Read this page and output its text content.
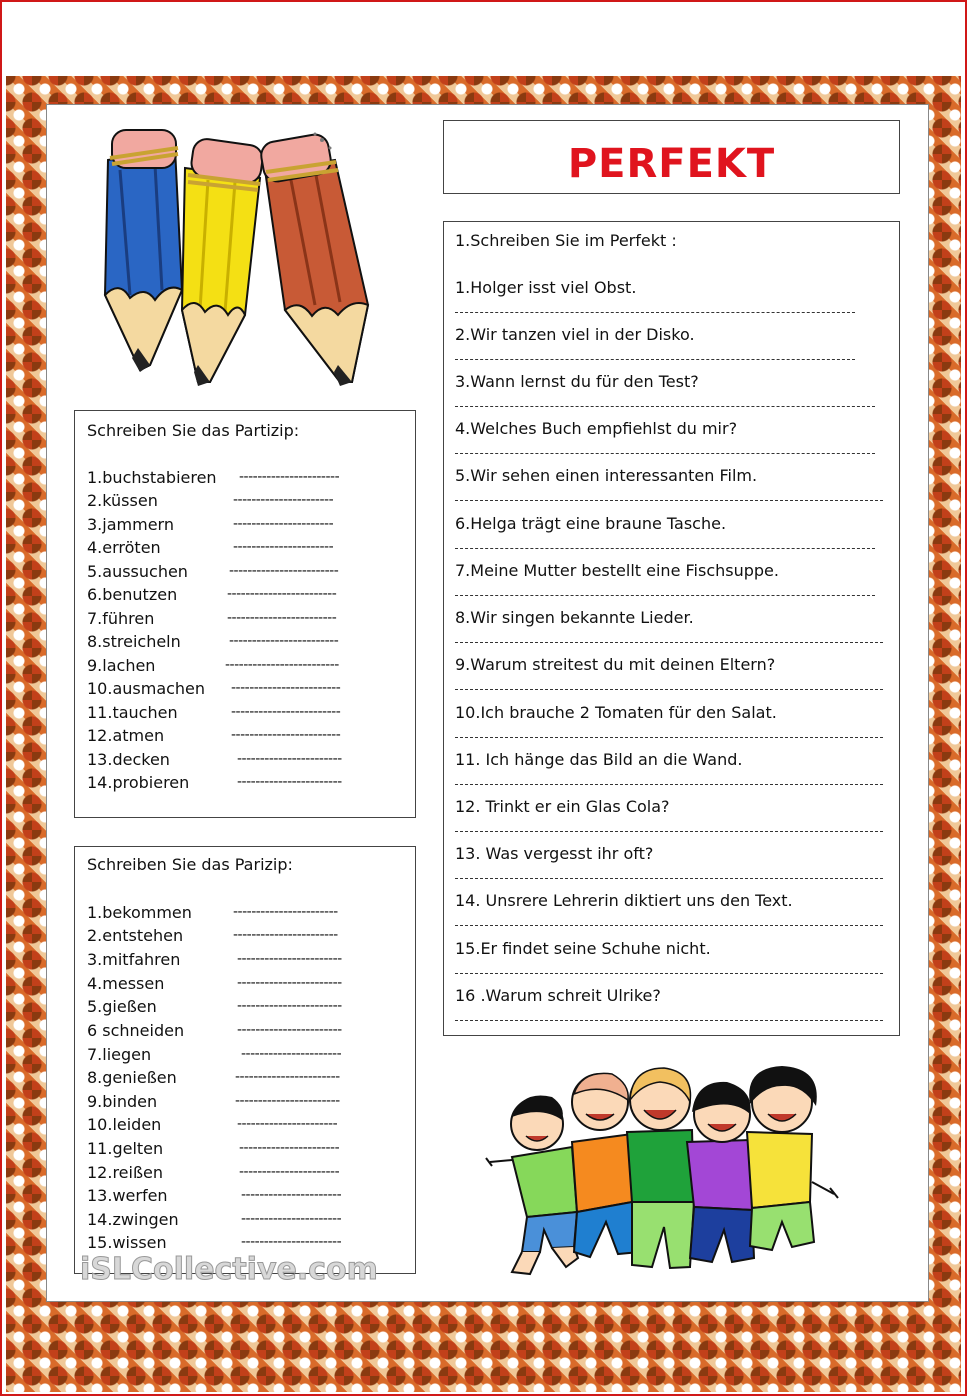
PERFEKT
Schreiben Sie das Partizip:
1.buchstabieren ----------------------
2.küssen	----------------------
3.jammern	----------------------
4.erröten	----------------------
5.aussuchen	------------------------
6.benutzen	------------------------
7.führen	------------------------
8.streicheln	------------------------
9.lachen	-------------------------
10.ausmachen ------------------------
11.tauchen	------------------------
12.atmen	------------------------
13.decken	-----------------------
14.probieren	-----------------------
Schreiben Sie das Parizip:
1.bekommen	-----------------------
2.entstehen	-----------------------
3.mitfahren	-----------------------
4.messen	-----------------------
5.gießen	-----------------------
6 schneiden	-----------------------
7.liegen	----------------------
8.genießen	-----------------------
9.binden	-----------------------
10.leiden	----------------------
11.gelten	----------------------
12.reißen	----------------------
13.werfen	----------------------
14.zwingen	----------------------
15.wissen	----------------------
1.Schreiben Sie im Perfekt :
1.Holger isst viel Obst.
2.Wir tanzen viel in der Disko.
3.Wann lernst du für den Test?
4.Welches Buch empfiehlst du mir?
5.Wir sehen einen interessanten Film.
6.Helga trägt eine braune Tasche.
7.Meine Mutter bestellt eine Fischsuppe.
8.Wir singen bekannte Lieder.
9.Warum streitest du mit deinen Eltern?
10.Ich brauche 2 Tomaten für den Salat.
11. Ich hänge das Bild an die Wand.
12. Trinkt er ein Glas Cola?
13. Was vergesst ihr oft?
14. Unsrere Lehrerin diktiert uns den Text.
15.Er findet seine Schuhe nicht.
16 .Warum schreit Ulrike?
iSLCollective.com
